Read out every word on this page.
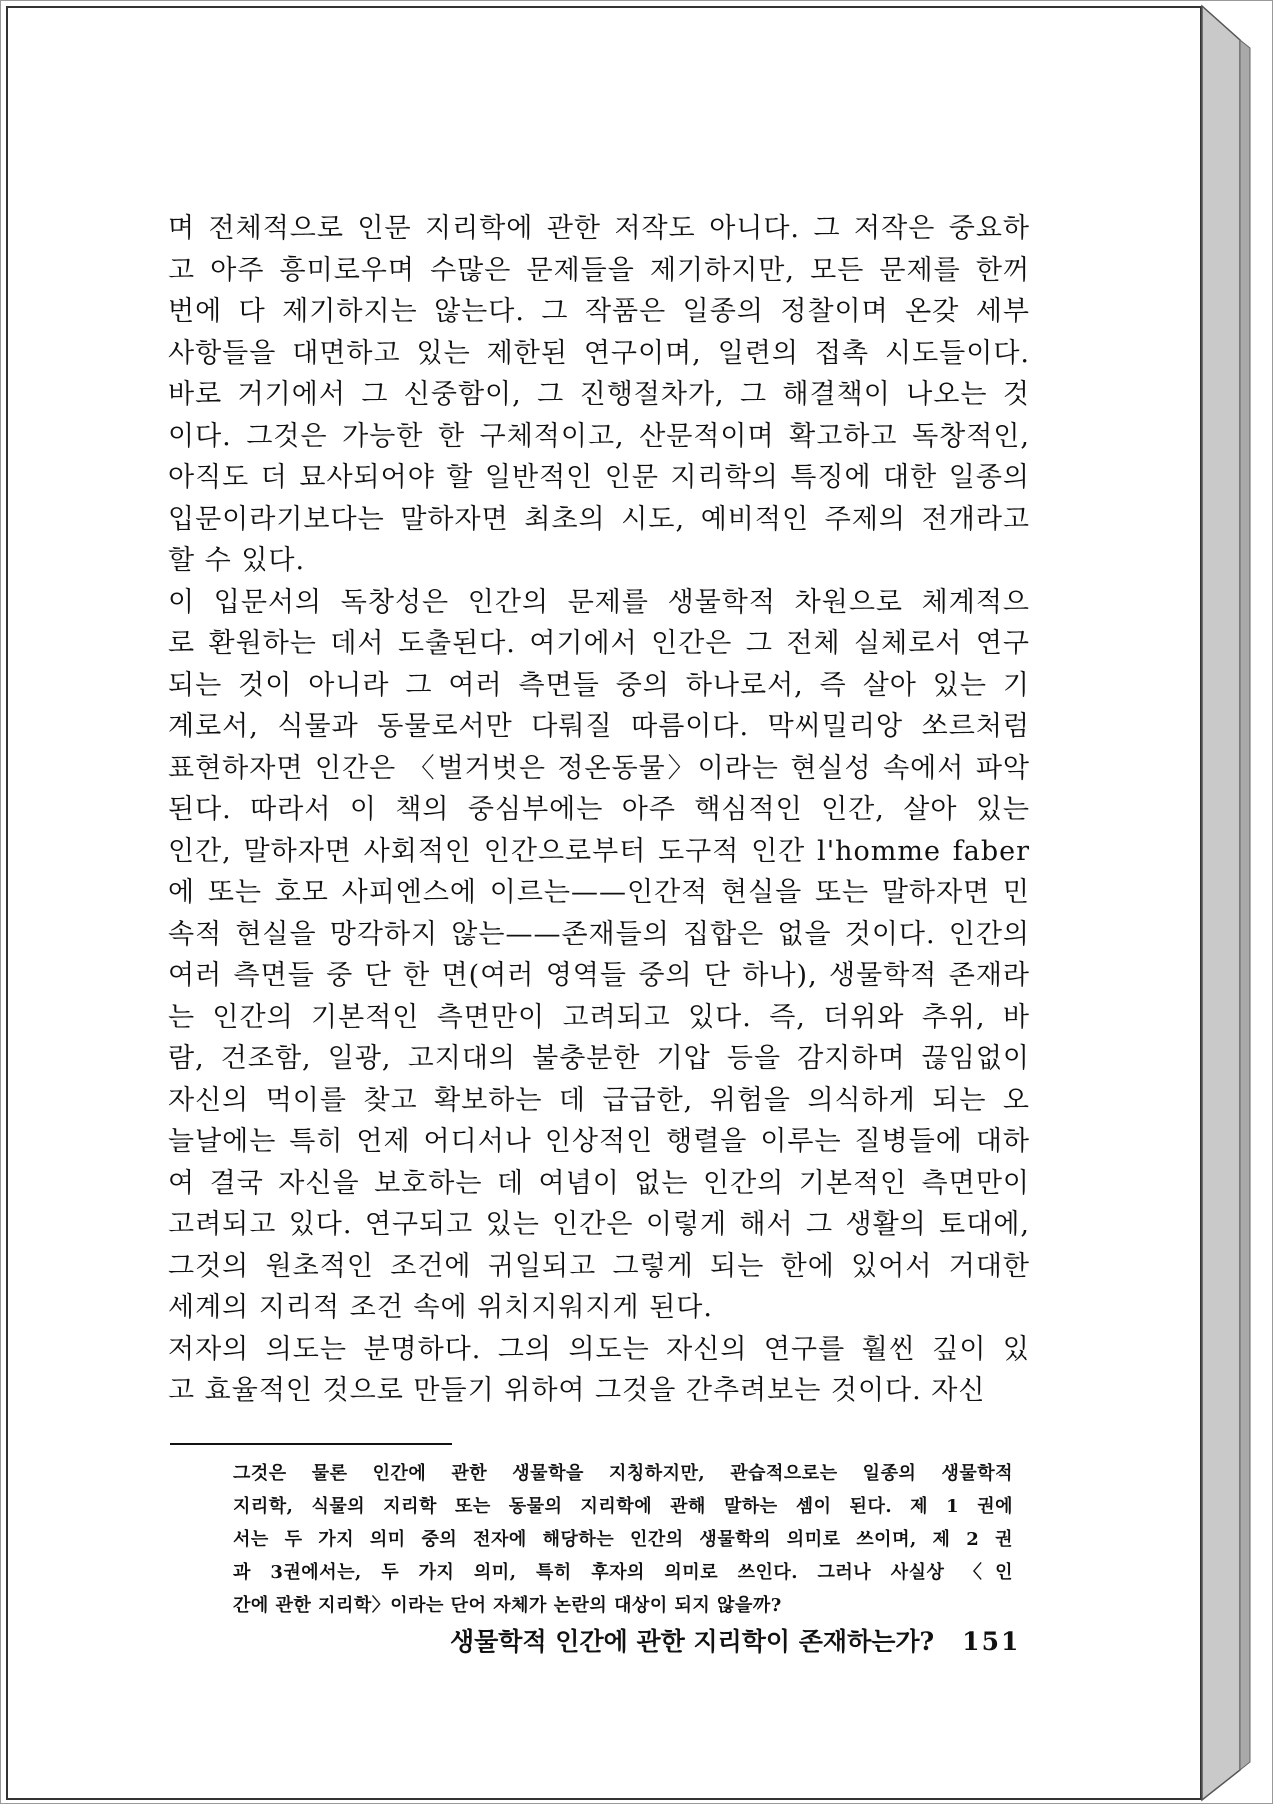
며 전체적으로 인문 지리학에 관한 저작도 아니다. 그 저작은 중요하
고 아주 흥미로우며 수많은 문제들을 제기하지만, 모든 문제를 한꺼
번에 다 제기하지는 않는다. 그 작품은 일종의 정찰이며 온갖 세부
사항들을 대면하고 있는 제한된 연구이며, 일련의 접촉 시도들이다.
바로 거기에서 그 신중함이, 그 진행절차가, 그 해결책이 나오는 것
이다. 그것은 가능한 한 구체적이고, 산문적이며 확고하고 독창적인,
아직도 더 묘사되어야 할 일반적인 인문 지리학의 특징에 대한 일종의
입문이라기보다는 말하자면 최초의 시도, 예비적인 주제의 전개라고
할 수 있다.
이 입문서의 독창성은 인간의 문제를 생물학적 차원으로 체계적으
로 환원하는 데서 도출된다. 여기에서 인간은 그 전체 실체로서 연구
되는 것이 아니라 그 여러 측면들 중의 하나로서, 즉 살아 있는 기
계로서, 식물과 동물로서만 다뤄질 따름이다. 막씨밀리앙 쏘르처럼
표현하자면 인간은 〈벌거벗은 정온동물〉이라는 현실성 속에서 파악
된다. 따라서 이 책의 중심부에는 아주 핵심적인 인간, 살아 있는
인간, 말하자면 사회적인 인간으로부터 도구적 인간 l'homme faber
에 또는 호모 사피엔스에 이르는——인간적 현실을 또는 말하자면 민
속적 현실을 망각하지 않는——존재들의 집합은 없을 것이다. 인간의
여러 측면들 중 단 한 면(여러 영역들 중의 단 하나), 생물학적 존재라
는 인간의 기본적인 측면만이 고려되고 있다. 즉, 더위와 추위, 바
람, 건조함, 일광, 고지대의 불충분한 기압 등을 감지하며 끊임없이
자신의 먹이를 찾고 확보하는 데 급급한, 위험을 의식하게 되는 오
늘날에는 특히 언제 어디서나 인상적인 행렬을 이루는 질병들에 대하
여 결국 자신을 보호하는 데 여념이 없는 인간의 기본적인 측면만이
고려되고 있다. 연구되고 있는 인간은 이렇게 해서 그 생활의 토대에,
그것의 원초적인 조건에 귀일되고 그렇게 되는 한에 있어서 거대한
세계의 지리적 조건 속에 위치지워지게 된다.
저자의 의도는 분명하다. 그의 의도는 자신의 연구를 훨씬 깊이 있
고 효율적인 것으로 만들기 위하여 그것을 간추려보는 것이다. 자신
그것은 물론 인간에 관한 생물학을 지칭하지만, 관습적으로는 일종의 생물학적
지리학, 식물의 지리학 또는 동물의 지리학에 관해 말하는 셈이 된다. 제 1 권에
서는 두 가지 의미 중의 전자에 해당하는 인간의 생물학의 의미로 쓰이며, 제 2 권
과 3권에서는, 두 가지 의미, 특히 후자의 의미로 쓰인다. 그러나 사실상 〈인
간에 관한 지리학〉이라는 단어 자체가 논란의 대상이 되지 않을까?
생물학적 인간에 관한 지리학이 존재하는가? 151
